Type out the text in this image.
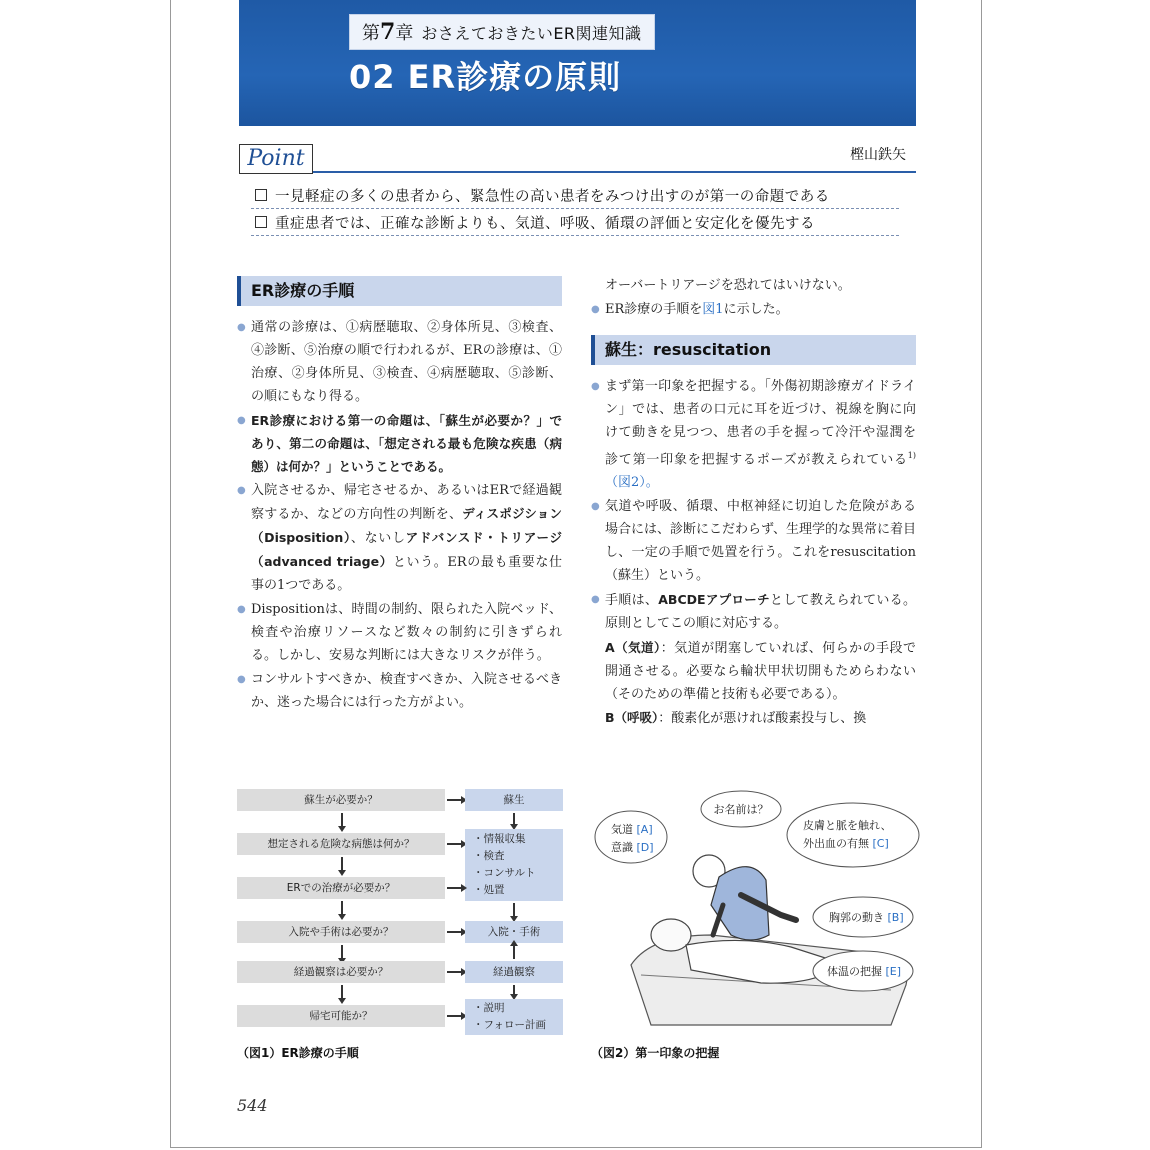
第7章 おさえておきたいER関連知識
02 ER診療の原則
Point	樫山鉄矢
一見軽症の多くの患者から、緊急性の高い患者をみつけ出すのが第一の命題である
重症患者では、正確な診断よりも、気道、呼吸、循環の評価と安定化を優先する
ER診療の手順
● 通常の診療は、①病歴聴取、②身体所見、③検査、④診断、⑤治療の順で行われるが、ERの診療は、①治療、②身体所見、③検査、④病歴聴取、⑤診断、の順にもなり得る。
● ER診療における第一の命題は、「蘇生が必要か？」であり、第二の命題は、「想定される最も危険な疾患（病態）は何か？」ということである。
● 入院させるか、帰宅させるか、あるいはERで経過観察するか、などの方向性の判断を、ディスポジション（Disposition）、ないしアドバンスド・トリアージ（advanced triage）という。ERの最も重要な仕事の1つである。
● Dispositionは、時間の制約、限られた入院ベッド、検査や治療リソースなど数々の制約に引きずられる。しかし、安易な判断には大きなリスクが伴う。
● コンサルトすべきか、検査すべきか、入院させるべきか、迷った場合には行った方がよい。
オーバートリアージを恐れてはいけない。
● ER診療の手順を図1に示した。
蘇生：resuscitation
● まず第一印象を把握する。「外傷初期診療ガイドライン」では、患者の口元に耳を近づけ、視線を胸に向けて動きを見つつ、患者の手を握って冷汗や湿潤を診て第一印象を把握するポーズが教えられている$^{1)}$（図2）。
● 気道や呼吸、循環、中枢神経に切迫した危険がある場合には、診断にこだわらず、生理学的な異常に着目し、一定の手順で処置を行う。これをresuscitation（蘇生）という。
● 手順は、ABCDEアプローチとして教えられている。原則としてこの順に対応する。
A（気道）：気道が閉塞していれば、何らかの手段で開通させる。必要なら輪状甲状切開もためらわない（そのための準備と技術も必要である）。
B（呼吸）：酸素化が悪ければ酸素投与し、換
蘇生が必要か？	蘇生
想定される危険な病態は何か？	・情報収集
・検査
・コンサルト
・処置
ERでの治療が必要か？
入院や手術は必要か？	入院・手術
経過観察は必要か？	経過観察
帰宅可能か？
・説明
・フォロー計画
（図1）ER診療の手順
お名前は？
気道 [A]
意識 [D]
皮膚と脈を触れ、
外出血の有無 [C]
胸郭の動き [B]
体温の把握 [E]
（図2）第一印象の把握
544
